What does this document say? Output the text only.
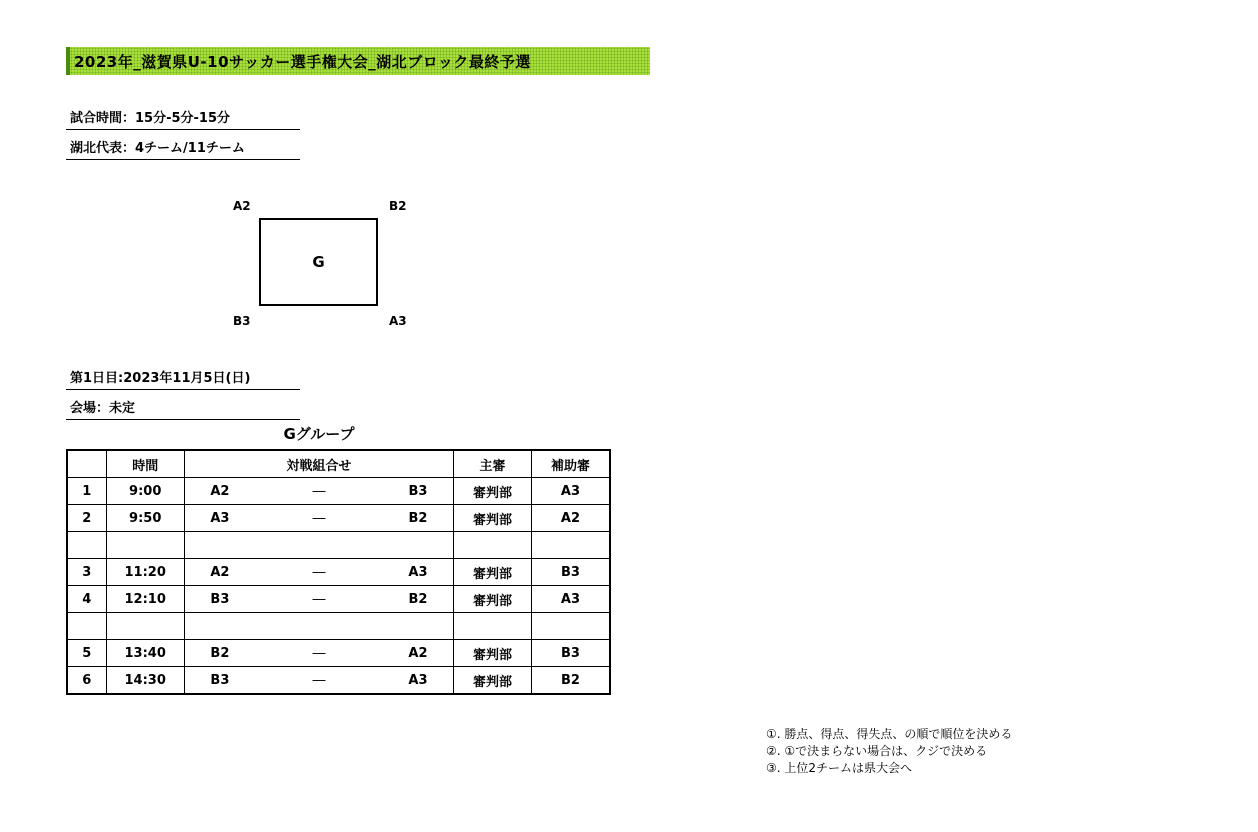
2023年_滋賀県U-10サッカー選手権大会_湖北ブロック最終予選
試合時間：15分-5分-15分
湖北代表：4チーム/11チーム
A2	B2
G
B3	A3
第1日目:2023年11月5日(日)
会場：未定
Gグループ
	時間	対戦組合せ	主審	補助審
1	9:00	A2 ― B3	審判部	A3
2	9:50	A3 ― B2	審判部	A2

3	11:20	A2 ― A3	審判部	B3
4	12:10	B3 ― B2	審判部	A3

5	13:40	B2 ― A2	審判部	B3
6	14:30	B3 ― A3	審判部	B2
①. 勝点、得点、得失点、の順で順位を決める
②. ①で決まらない場合は、クジで決める
③. 上位2チームは県大会へ
